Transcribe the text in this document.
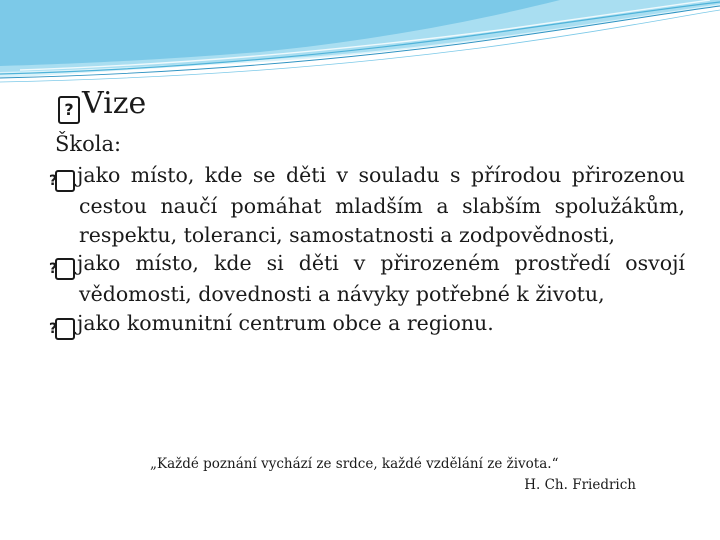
? Vize
Škola:
? jako místo, kde se děti v souladu s přírodou přirozenou cestou naučí pomáhat mladším a slabším spolužákům, respektu, toleranci, samostatnosti a zodpovědnosti,
? jako místo, kde si děti v přirozeném prostředí osvojí vědomosti, dovednosti a návyky potřebné k životu,
? jako komunitní centrum obce a regionu.

„Každé poznání vychází ze srdce, každé vzdělání ze života.“
H. Ch. Friedrich
